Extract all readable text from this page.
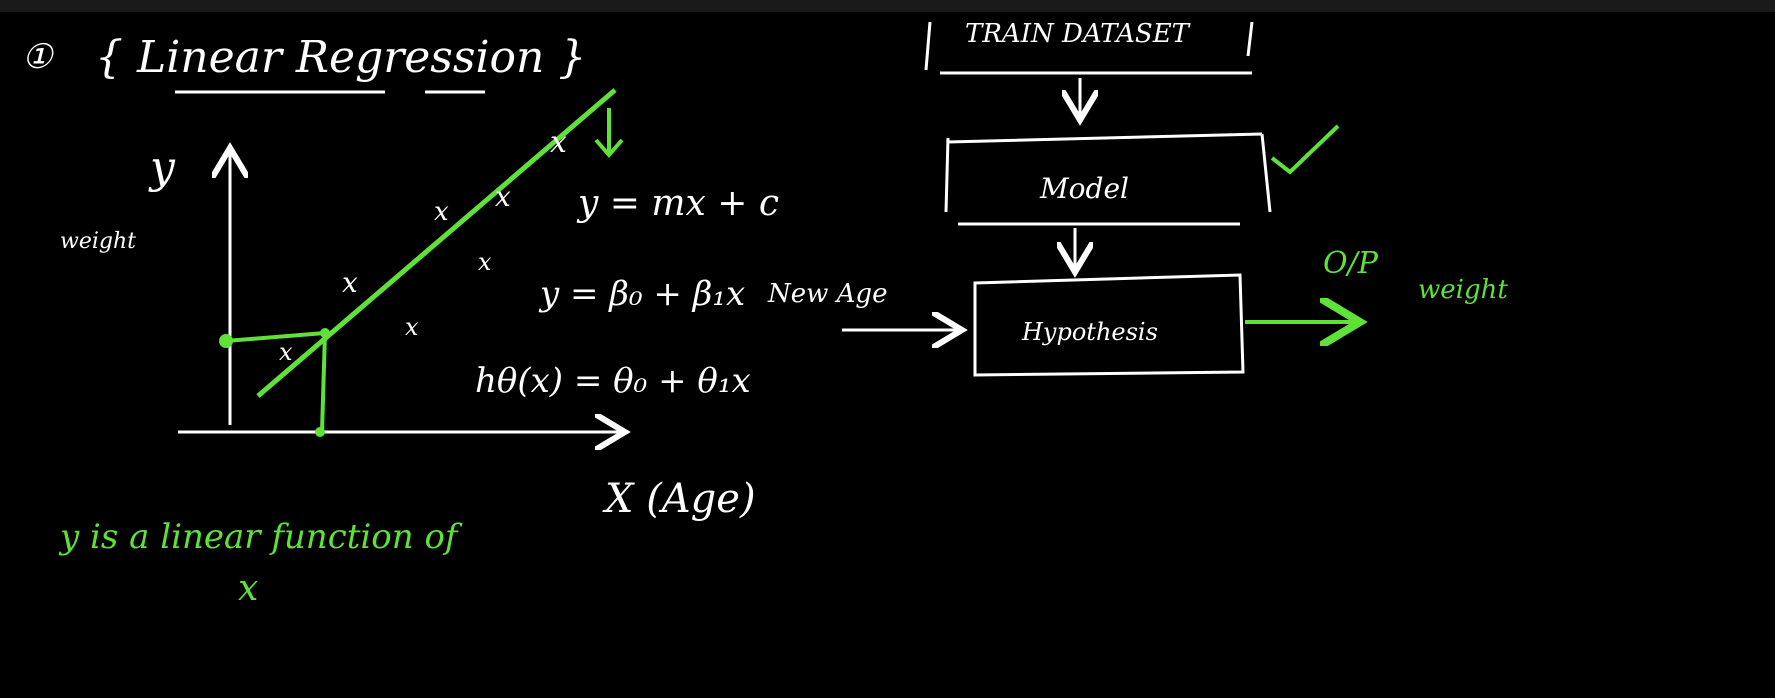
① { Linear Regression }
y
weight
X (Age)
x
x
x
x
x
x
x
y = mx + c
y = β₀ + β₁x
hθ(x) = θ₀ + θ₁x
y is a linear function of
x
TRAIN DATASET
Model
✓
Hypothesis
New Age
O/P
weight
